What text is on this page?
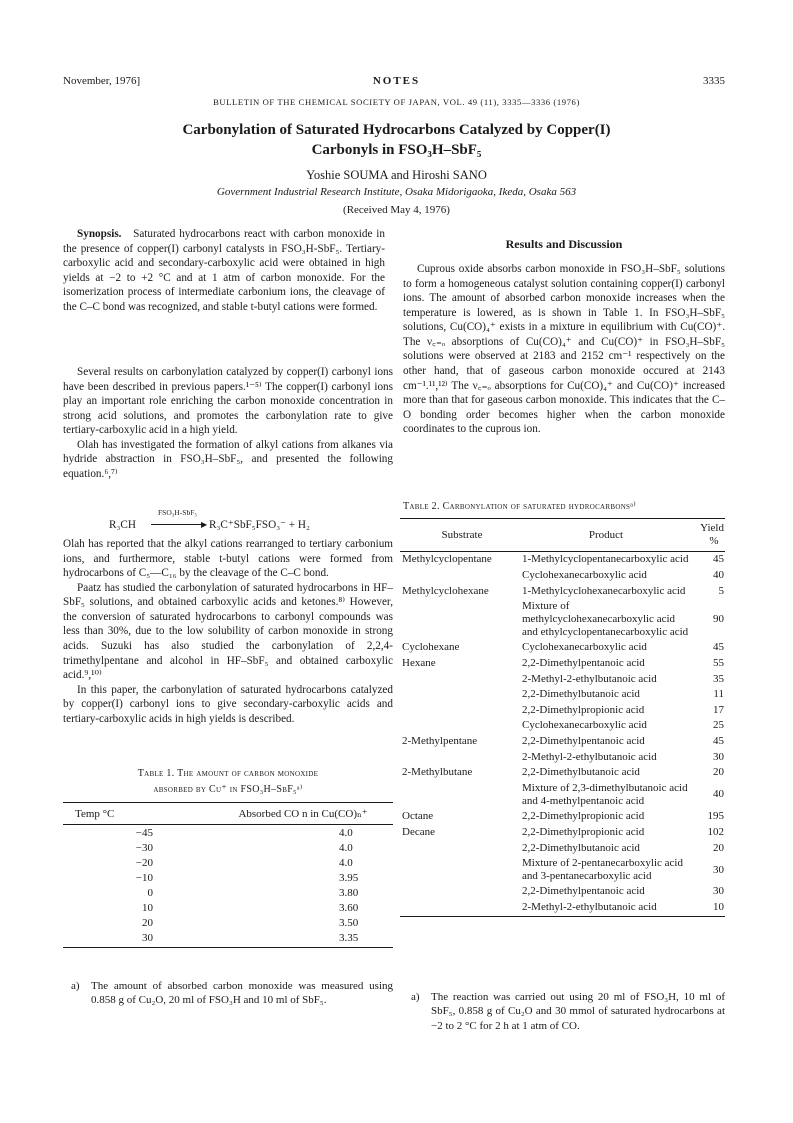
November, 1976]	NOTES	3335
BULLETIN OF THE CHEMICAL SOCIETY OF JAPAN, VOL. 49 (11), 3335—3336 (1976)
Carbonylation of Saturated Hydrocarbons Catalyzed by Copper(I)
Carbonyls in FSO₃H–SbF₅
Yoshie SOUMA and Hiroshi SANO
Government Industrial Research Institute, Osaka Midorigaoka, Ikeda, Osaka 563
(Received May 4, 1976)

Synopsis. Saturated hydrocarbons react with carbon monoxide in the presence of copper(I) carbonyl catalysts in FSO₃H-SbF₅. Tertiary-carboxylic acid and secondary-carboxylic acid were obtained in high yields at −2 to +2 °C and at 1 atm of carbon monoxide. For the isomerization process of intermediate carbonium ions, the cleavage of the C–C bond was recognized, and stable t-butyl cations were formed.

Several results on carbonylation catalyzed by copper(I) carbonyl ions have been described in previous papers.¹⁻⁵⁾ The copper(I) carbonyl ions play an important role enriching the carbon monoxide concentration in strong acid solutions, and promotes the carbonylation rate to give tertiary-carboxylic acid in a high yield.

Olah has investigated the formation of alkyl cations from alkanes via hydride abstraction in FSO₃H–SbF₅, and presented the following equation.⁶,⁷⁾

R₃CH
FSO₃H-SbF₅
▶ R₃C⁺SbF₅FSO₃⁻ + H₂

Olah has reported that the alkyl cations rearranged to tertiary carbonium ions, and furthermore, stable t-butyl cations were formed from hydrocarbons of C₅—C₁₆ by the cleavage of the C–C bond.

Paatz has studied the carbonylation of saturated hydrocarbons in HF–SbF₅ solutions, and obtained carboxylic acids and ketones.⁸⁾ However, the conversion of saturated hydrocarbons to carbonyl compounds was less than 30%, due to the low solubility of carbon monoxide in strong acids. Suzuki has also studied the carbonylation of 2,2,4-trimethylpentane and alcohol in HF–SbF₅ and obtained carboxylic acid.⁹,¹⁰⁾

In this paper, the carbonylation of saturated hydrocarbons catalyzed by copper(I) carbonyl ions to give secondary-carboxylic acids and tertiary-carboxylic acids in high yields is described.

Table 1. The amount of carbon monoxide
absorbed by Cu⁺ in FSO₃H–SbF₅ᵃ⁾
Temp °C	Absorbed CO n in Cu(CO)ₙ⁺
−45	4.0
−30	4.0
−20	4.0
−10	3.95
0	3.80
10	3.60
20	3.50
30	3.35
a)	The amount of absorbed carbon monoxide was measured using 0.858 g of Cu₂O, 20 ml of FSO₃H and 10 ml of SbF₅.
Results and Discussion

Cuprous oxide absorbs carbon monoxide in FSO₃H–SbF₅ solutions to form a homogeneous catalyst solution containing copper(I) carbonyl ions. The amount of absorbed carbon monoxide increases when the temperature is lowered, as is shown in Table 1. In FSO₃H–SbF₅ solutions, Cu(CO)₄⁺ exists in a mixture in equilibrium with Cu(CO)⁺. The ν꜀₌ₒ absorptions of Cu(CO)₄⁺ and Cu(CO)⁺ in FSO₃H–SbF₅ solutions were observed at 2183 and 2152 cm⁻¹ respectively on the other hand, that of gaseous carbon monoxide occured at 2143 cm⁻¹.¹¹,¹²⁾ The ν꜀₌ₒ absorptions for Cu(CO)₄⁺ and Cu(CO)⁺ increased more than that for gaseous carbon monoxide. This indicates that the C–O bonding order becomes higher when the carbon monoxide coordinates to the cuprous ion.

Table 2. Carbonylation of saturated hydrocarbonsᵃ⁾
Substrate	Product	Yield
%

Methylcyclopentane	1-Methylcyclopentanecarboxylic acid	45
	Cyclohexanecarboxylic acid	40
Methylcyclohexane	1-Methylcyclohexanecarboxylic acid	5
	Mixture of methylcyclohexanecarboxylic acid and ethylcyclopentanecarboxylic acid	90
Cyclohexane	Cyclohexanecarboxylic acid	45
Hexane	2,2-Dimethylpentanoic acid	55
	2-Methyl-2-ethylbutanoic acid	35
	2,2-Dimethylbutanoic acid	11
	2,2-Dimethylpropionic acid	17
	Cyclohexanecarboxylic acid	25
2-Methylpentane	2,2-Dimethylpentanoic acid	45
	2-Methyl-2-ethylbutanoic acid	30
2-Methylbutane	2,2-Dimethylbutanoic acid	20
	Mixture of 2,3-dimethylbutanoic acid and 4-methylpentanoic acid	40
Octane	2,2-Dimethylpropionic acid	195
Decane	2,2-Dimethylpropionic acid	102
	2,2-Dimethylbutanoic acid	20
	Mixture of 2-pentanecarboxylic acid and 3-pentanecarboxylic acid	30
	2,2-Dimethylpentanoic acid	30
	2-Methyl-2-ethylbutanoic acid	10
a)	The reaction was carried out using 20 ml of FSO₃H, 10 ml of SbF₅, 0.858 g of Cu₂O and 30 mmol of saturated hydrocarbons at −2 to 2 °C for 2 h at 1 atm of CO.
